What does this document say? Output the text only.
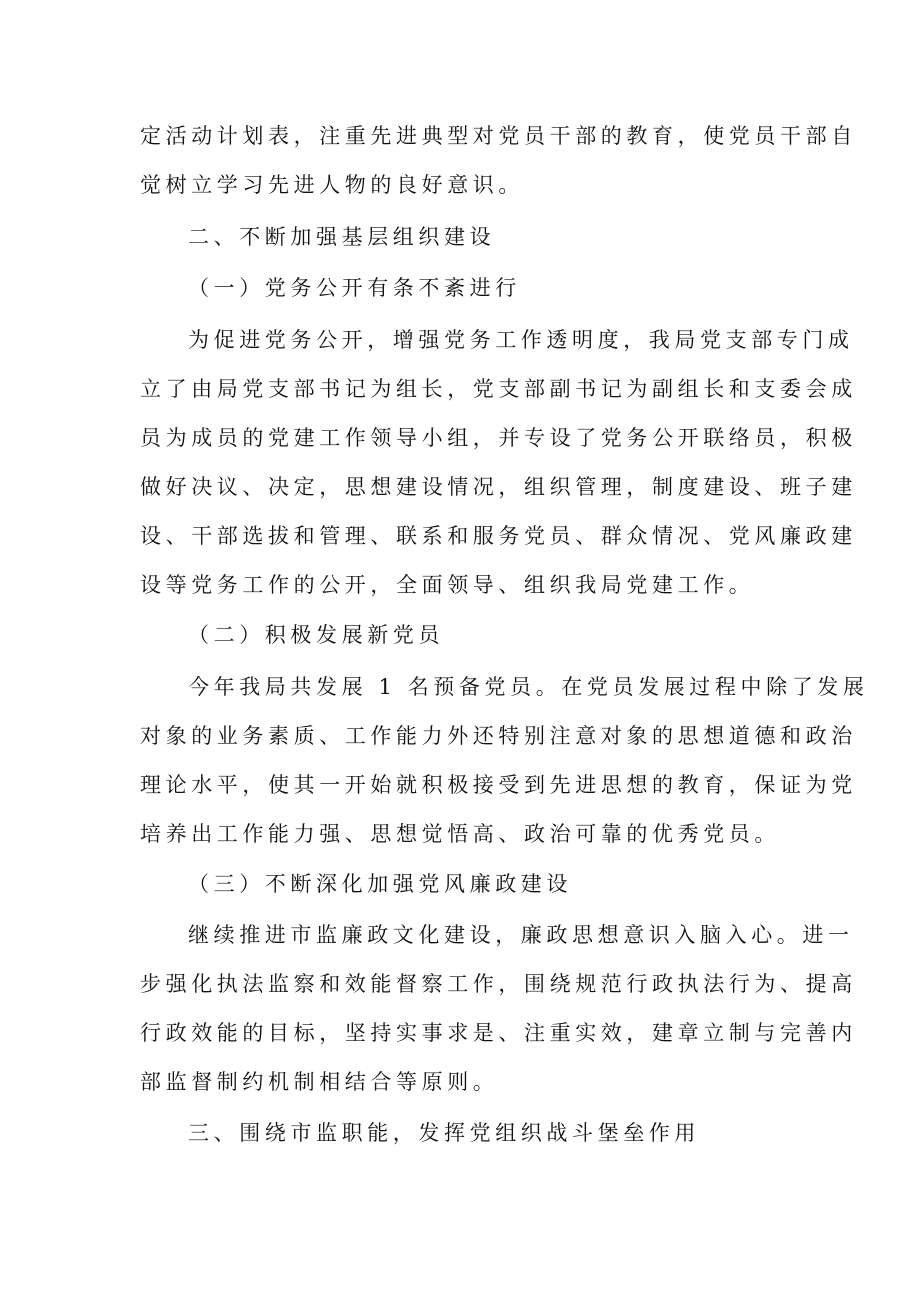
定活动计划表，注重先进典型对党员干部的教育，使党员干部自
觉树立学习先进人物的良好意识。
二、不断加强基层组织建设
（一）党务公开有条不紊进行
为促进党务公开，增强党务工作透明度，我局党支部专门成
立了由局党支部书记为组长，党支部副书记为副组长和支委会成
员为成员的党建工作领导小组，并专设了党务公开联络员，积极
做好决议、决定，思想建设情况，组织管理，制度建设、班子建
设、干部选拔和管理、联系和服务党员、群众情况、党风廉政建
设等党务工作的公开，全面领导、组织我局党建工作。
（二）积极发展新党员
今年我局共发展 1 名预备党员。在党员发展过程中除了发展
对象的业务素质、工作能力外还特别注意对象的思想道德和政治
理论水平，使其一开始就积极接受到先进思想的教育，保证为党
培养出工作能力强、思想觉悟高、政治可靠的优秀党员。
（三）不断深化加强党风廉政建设
继续推进市监廉政文化建设，廉政思想意识入脑入心。进一
步强化执法监察和效能督察工作，围绕规范行政执法行为、提高
行政效能的目标，坚持实事求是、注重实效，建章立制与完善内
部监督制约机制相结合等原则。
三、围绕市监职能，发挥党组织战斗堡垒作用
